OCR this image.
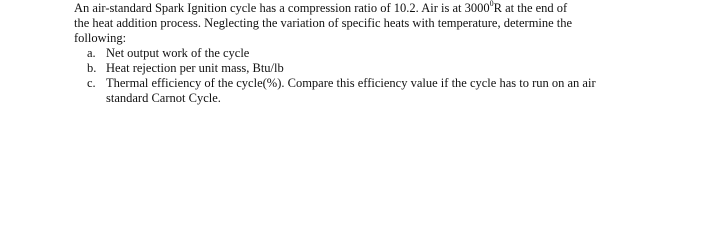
An air-standard Spark Ignition cycle has a compression ratio of 10.2. Air is at 3000$^0$R at the end of
the heat addition process. Neglecting the variation of specific heats with temperature, determine the
following:
a. Net output work of the cycle
b. Heat rejection per unit mass, Btu/lb
c. Thermal efficiency of the cycle(%). Compare this efficiency value if the cycle has to run on an air
standard Carnot Cycle.
